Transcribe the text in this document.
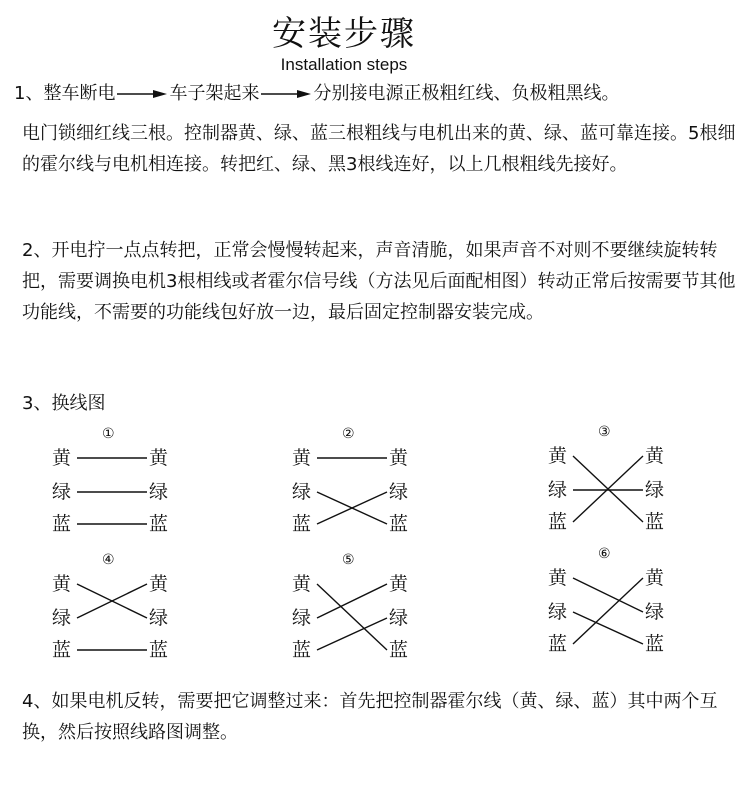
安装步骤
Installation steps
1、整车断电	车子架起来	分别接电源正极粗红线、负极粗黑线。
电门锁细红线三根。控制器黄、绿、蓝三根粗线与电机出来的黄、绿、蓝可靠连接。5根细的霍尔线与电机相连接。转把红、绿、黑3根线连好，以上几根粗线先接好。
2、开电拧一点点转把，正常会慢慢转起来，声音清脆，如果声音不对则不要继续旋转转把，需要调换电机3根相线或者霍尔信号线（方法见后面配相图）转动正常后按需要节其他功能线，不需要的功能线包好放一边，最后固定控制器安装完成。
3、换线图
①
黄
绿
蓝
黄
绿
蓝
②
黄
绿
蓝
黄
绿
蓝
③
黄
绿
蓝
黄
绿
蓝
④
黄
绿
蓝
黄
绿
蓝
⑤
黄
绿
蓝
黄
绿
蓝
⑥
黄
绿
蓝
黄
绿
蓝
4、如果电机反转，需要把它调整过来：首先把控制器霍尔线（黄、绿、蓝）其中两个互换，然后按照线路图调整。
